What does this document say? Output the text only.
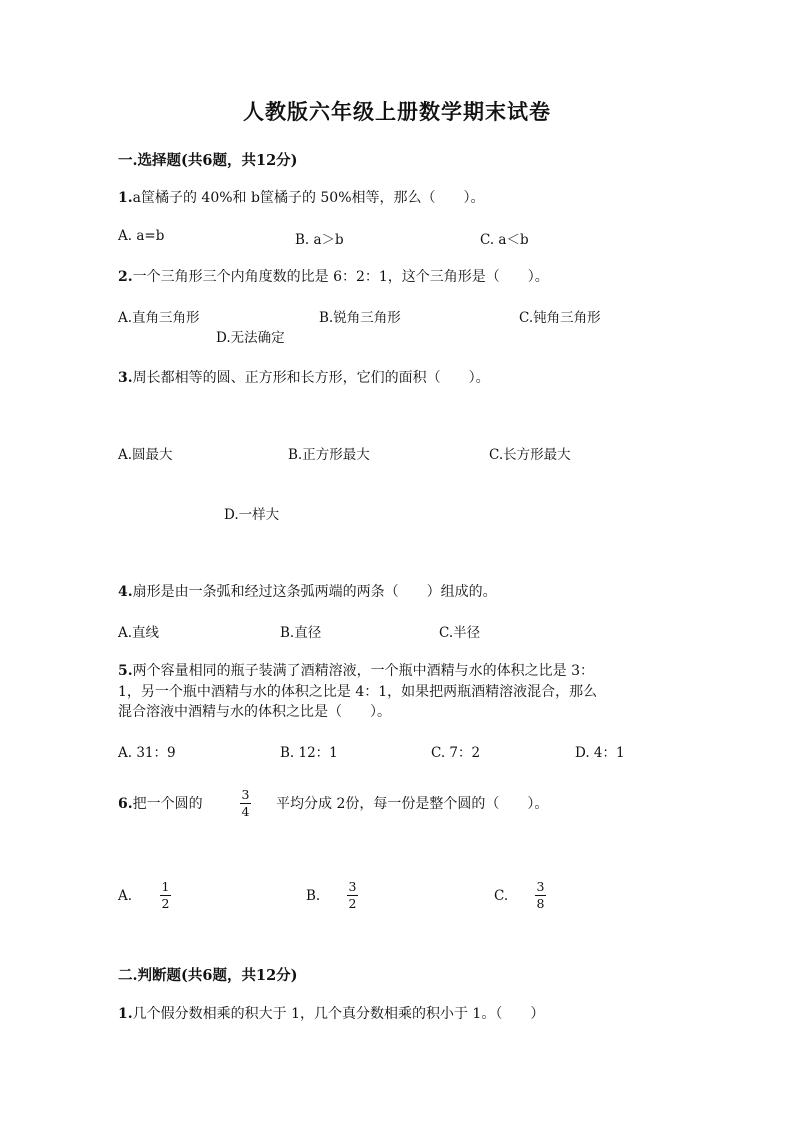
人教版六年级上册数学期末试卷
一.选择题(共6题，共12分)
1.a筐橘子的 40%和 b筐橘子的 50%相等，那么（　　）。
A. a=b	B. a＞b	C. a＜b
2.一个三角形三个内角度数的比是 6：2：1，这个三角形是（　　）。
A.直角三角形	B.锐角三角形	C.钝角三角形
D.无法确定
3.周长都相等的圆、正方形和长方形，它们的面积（　　）。
A.圆最大	B.正方形最大	C.长方形最大
D.一样大
4.扇形是由一条弧和经过这条弧两端的两条（　　）组成的。
A.直线	B.直径	C.半径
5.两个容量相同的瓶子装满了酒精溶液，一个瓶中酒精与水的体积之比是 3：
1，另一个瓶中酒精与水的体积之比是 4：1，如果把两瓶酒精溶液混合，那么
混合溶液中酒精与水的体积之比是（　　）。
A. 31：9	B. 12：1	C. 7：2	D. 4：1
6.把一个圆的
3
4 平均分成 2份，每一份是整个圆的（　　）。
A.
1
2	B.
3
2	C.
3
8
二.判断题(共6题，共12分)
1.几个假分数相乘的积大于 1，几个真分数相乘的积小于 1。（　　）
